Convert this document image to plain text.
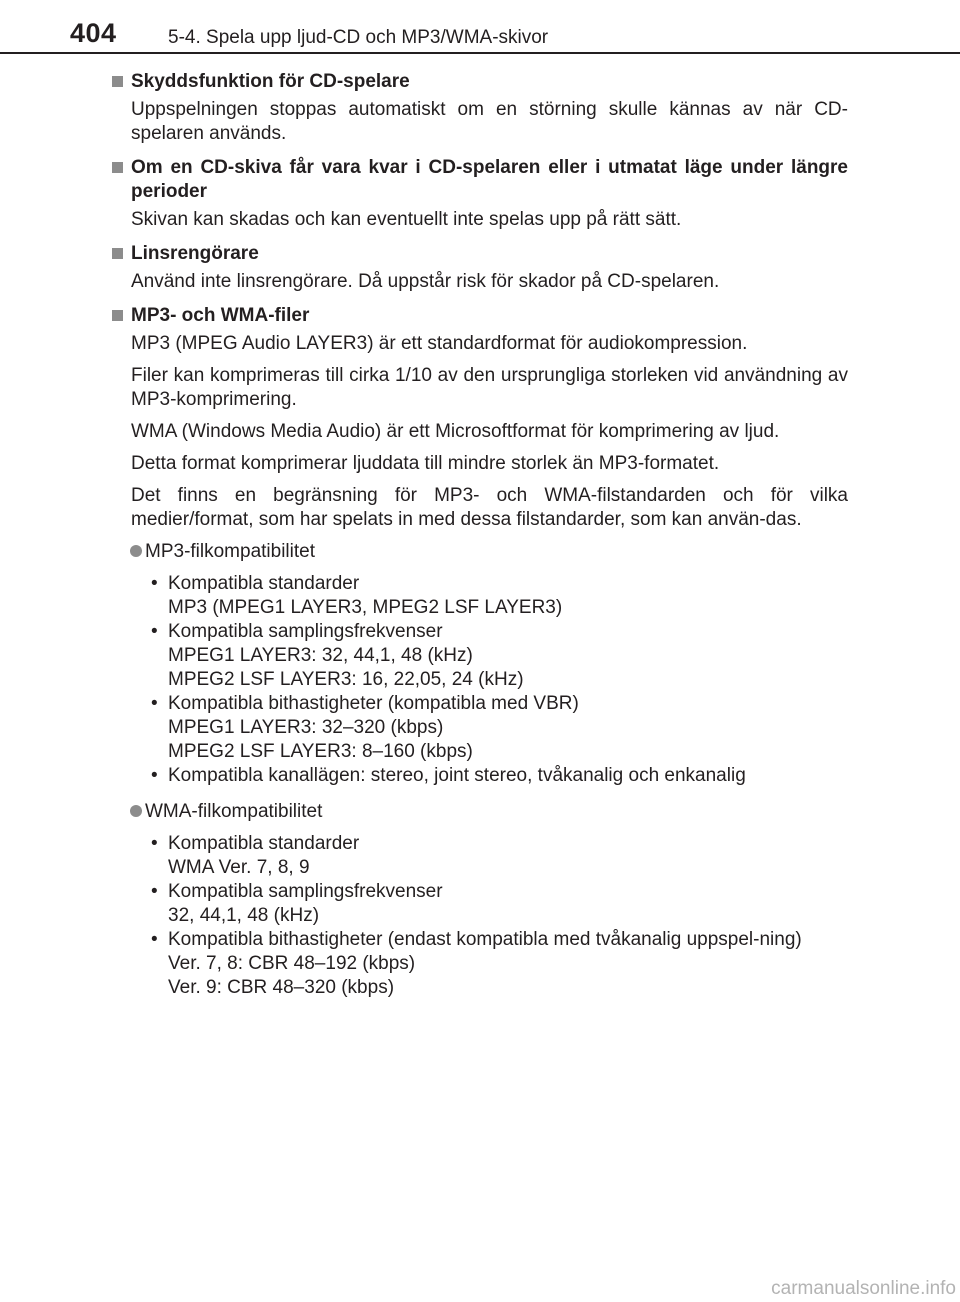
404	5-4. Spela upp ljud-CD och MP3/WMA-skivor
Skyddsfunktion för CD-spelare
Uppspelningen stoppas automatiskt om en störning skulle kännas av när CD-spelaren används.
Om en CD-skiva får vara kvar i CD-spelaren eller i utmatat läge under längre perioder
Skivan kan skadas och kan eventuellt inte spelas upp på rätt sätt.
Linsrengörare
Använd inte linsrengörare. Då uppstår risk för skador på CD-spelaren.
MP3- och WMA-filer
MP3 (MPEG Audio LAYER3) är ett standardformat för audiokompression.
Filer kan komprimeras till cirka 1/10 av den ursprungliga storleken vid användning av MP3-komprimering.
WMA (Windows Media Audio) är ett Microsoftformat för komprimering av ljud.
Detta format komprimerar ljuddata till mindre storlek än MP3-formatet.
Det finns en begränsning för MP3- och WMA-filstandarden och för vilka medier/format, som har spelats in med dessa filstandarder, som kan använ-das.
MP3-filkompatibilitet
• Kompatibla standarder
MP3 (MPEG1 LAYER3, MPEG2 LSF LAYER3)
• Kompatibla samplingsfrekvenser
MPEG1 LAYER3: 32, 44,1, 48 (kHz)
MPEG2 LSF LAYER3: 16, 22,05, 24 (kHz)
• Kompatibla bithastigheter (kompatibla med VBR)
MPEG1 LAYER3: 32–320 (kbps)
MPEG2 LSF LAYER3: 8–160 (kbps)
• Kompatibla kanallägen: stereo, joint stereo, tvåkanalig och enkanalig
WMA-filkompatibilitet
• Kompatibla standarder
WMA Ver. 7, 8, 9
• Kompatibla samplingsfrekvenser
32, 44,1, 48 (kHz)
• Kompatibla bithastigheter (endast kompatibla med tvåkanalig uppspel-ning)
Ver. 7, 8: CBR 48–192 (kbps)
Ver. 9: CBR 48–320 (kbps)
carmanualsonline.info
